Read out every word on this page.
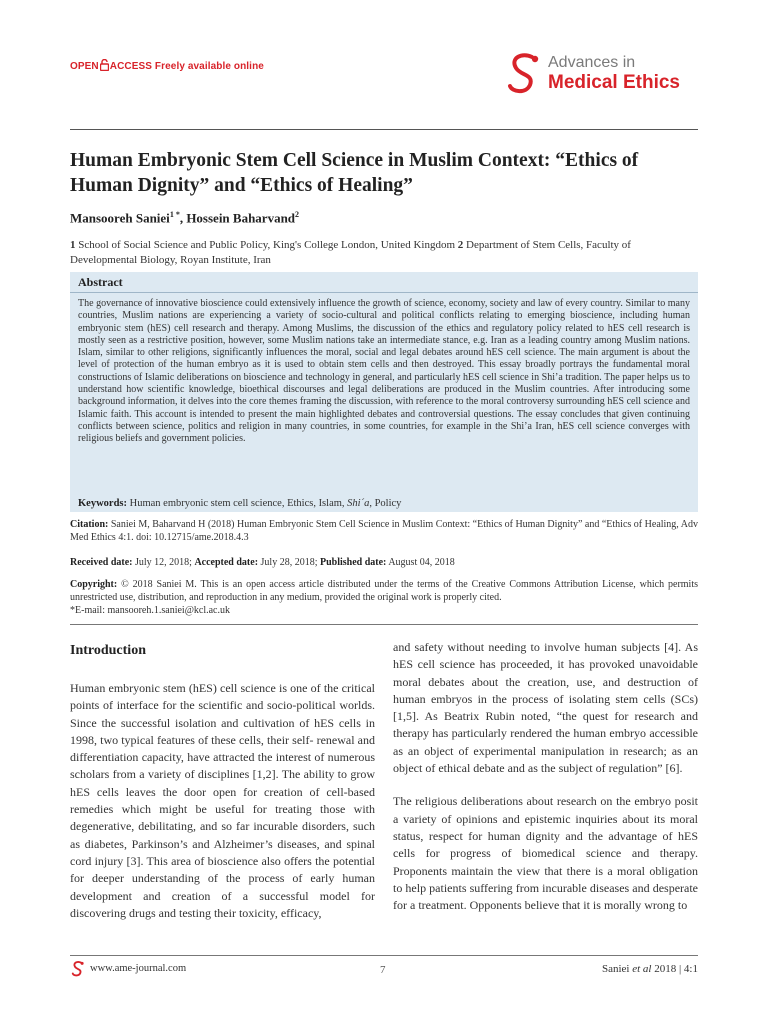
OPEN ACCESS Freely available online	Advances in
Medical Ethics
Human Embryonic Stem Cell Science in Muslim Context: “Ethics of Human Dignity” and “Ethics of Healing”
Mansooreh Saniei$^{1 *}$, Hossein Baharvand$^2$
1 School of Social Science and Public Policy, King's College London, United Kingdom 2 Department of Stem Cells, Faculty of Developmental Biology, Royan Institute, Iran
Abstract
The governance of innovative bioscience could extensively influence the growth of science, economy, society and law of every country. Similar to many countries, Muslim nations are experiencing a variety of socio-cultural and political conflicts relating to emerging bioscience, including human embryonic stem (hES) cell research and therapy. Among Muslims, the discussion of the ethics and regulatory policy related to hES cell research is mostly seen as a restrictive position, however, some Muslim nations take an intermediate stance, e.g. Iran as a leading country among Muslim nations. Islam, similar to other religions, significantly influences the moral, social and legal debates around hES cell science. The main argument is about the level of protection of the human embryo as it is used to obtain stem cells and then destroyed. This essay broadly portrays the fundamental moral constructions of Islamic deliberations on bioscience and technology in general, and particularly hES cell science in Shi’a tradition. The paper helps us to understand how scientific knowledge, bioethical discourses and legal deliberations are produced in the Muslim countries. After introducing some background information, it delves into the core themes framing the discussion, with reference to the moral controversy surrounding hES cell science and Islamic faith. This account is intended to present the main highlighted debates and controversial questions. The essay concludes that given continuing conflicts between science, politics and religion in many countries, in some countries, for example in the Shi’a Iran, hES cell science converges with religious beliefs and government policies.
Keywords: Human embryonic stem cell science, Ethics, Islam, Shi´a, Policy
Citation: Saniei M, Baharvand H (2018) Human Embryonic Stem Cell Science in Muslim Context: “Ethics of Human Dignity” and “Ethics of Healing, Adv Med Ethics 4:1. doi: 10.12715/ame.2018.4.3
Received date: July 12, 2018; Accepted date: July 28, 2018; Published date: August 04, 2018
Copyright: © 2018 Saniei M. This is an open access article distributed under the terms of the Creative Commons Attribution License, which permits unrestricted use, distribution, and reproduction in any medium, provided the original work is properly cited.
*E-mail: mansooreh.1.saniei@kcl.ac.uk
Introduction

Human embryonic stem (hES) cell science is one of the critical points of interface for the scientific and socio-political worlds. Since the successful isolation and cultivation of hES cells in 1998, two typical features of these cells, their self- renewal and differentiation capacity, have attracted the interest of numerous scholars from a variety of disciplines [1,2]. The ability to grow hES cells leaves the door open for creation of cell-based remedies which might be useful for treating those with degenerative, debilitating, and so far incurable disorders, such as diabetes, Parkinson’s and Alzheimer’s diseases, and spinal cord injury [3]. This area of bioscience also offers the potential for deeper understanding of the process of early human development and creation of a successful model for discovering drugs and testing their toxicity, efficacy,

and safety without needing to involve human subjects [4]. As hES cell science has proceeded, it has provoked unavoidable moral debates about the creation, use, and destruction of human embryos in the process of isolating stem cells (SCs) [1,5]. As Beatrix Rubin noted, “the quest for research and therapy has particularly rendered the human embryo accessible as an object of experimental manipulation in research; as an object of ethical debate and as the subject of regulation” [6].

The religious deliberations about research on the embryo posit a variety of opinions and epistemic inquiries about its moral status, respect for human dignity and the advantage of hES cells for progress of biomedical science and therapy. Proponents maintain the view that there is a moral obligation to help patients suffering from incurable diseases and desperate for a treatment. Opponents believe that it is morally wrong to

www.ame-journal.com	7	Saniei et al 2018 | 4:1
